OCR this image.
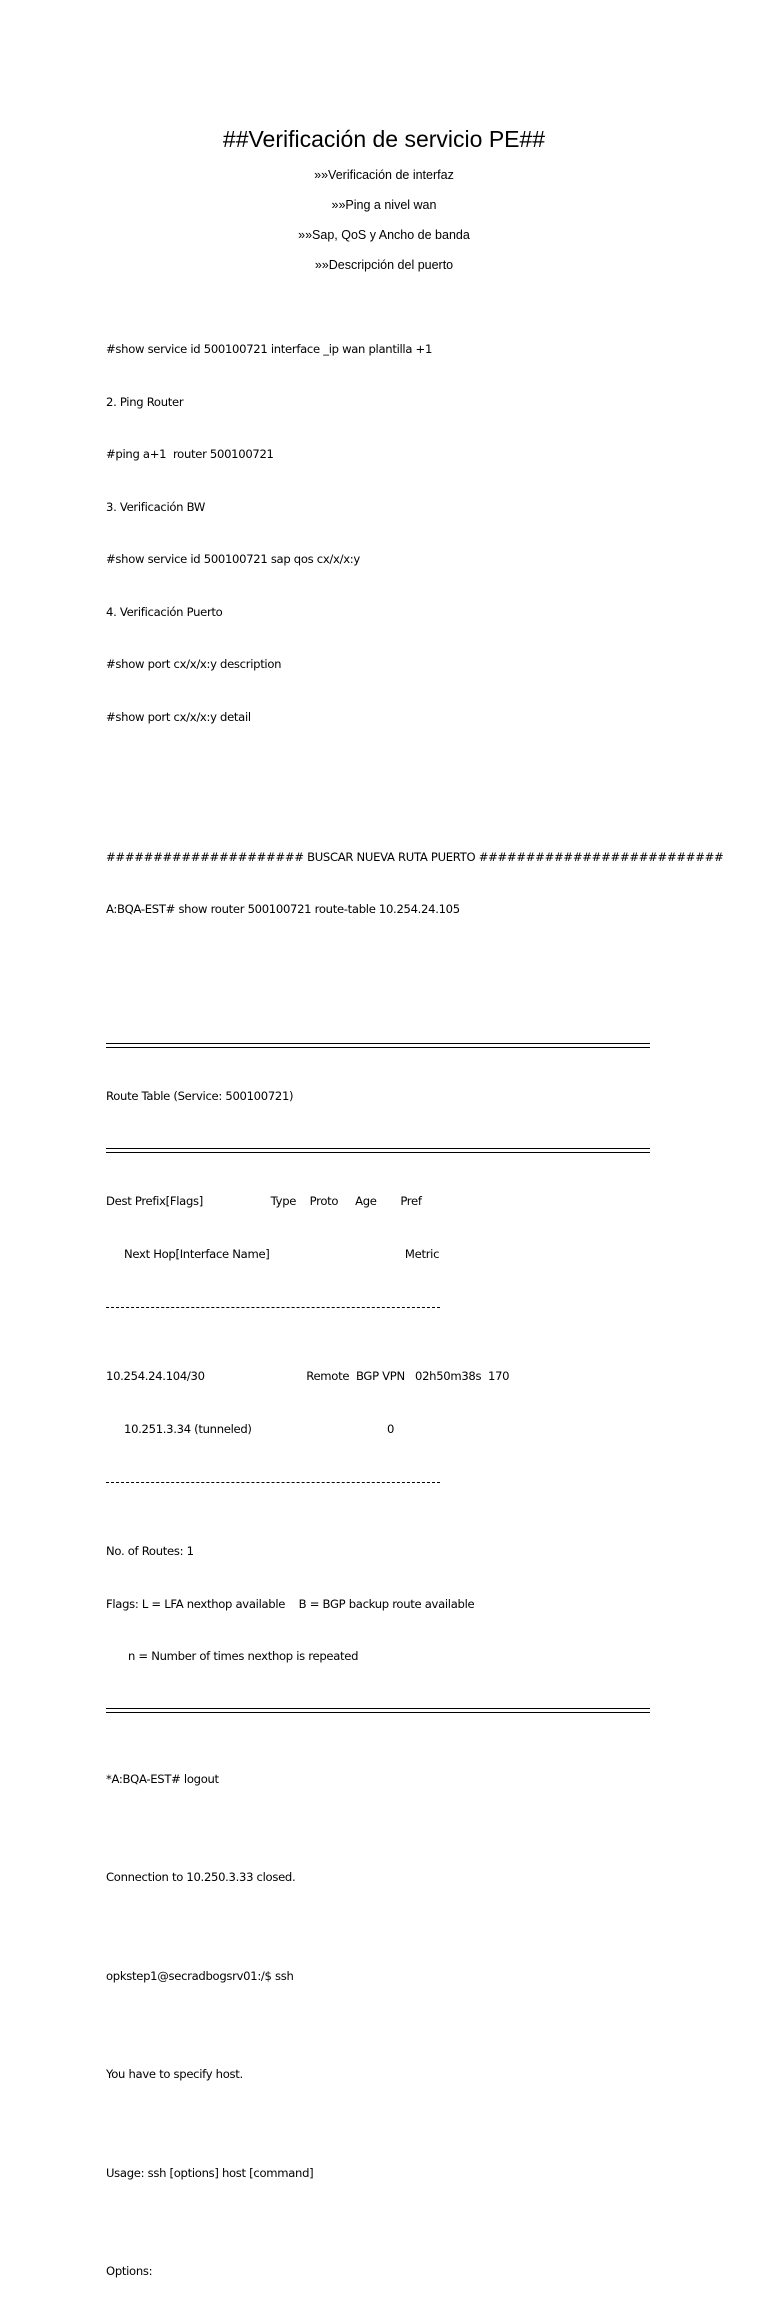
##Verificación de servicio PE##
»»Verificación de interfaz
»»Ping a nivel wan
»»Sap, QoS y Ancho de banda
»»Descripción del puerto

#show service id 500100721 interface _ip wan plantilla +1

2. Ping Router

#ping a+1  router 500100721

3. Verificación BW

#show service id 500100721 sap qos cx/x/x:y

4. Verificación Puerto

#show port cx/x/x:y description

#show port cx/x/x:y detail

##################### BUSCAR NUEVA RUTA PUERTO ##########################

A:BQA-EST# show router 500100721 route-table 10.254.24.105

Route Table (Service: 500100721)

Dest Prefix[Flags]                    Type    Proto     Age       Pref

Next Hop[Interface Name]                                        Metric

10.254.24.104/30                              Remote  BGP VPN   02h50m38s  170

10.251.3.34 (tunneled)                                        0

No. of Routes: 1

Flags: L = LFA nexthop available    B = BGP backup route available

n = Number of times nexthop is repeated

*A:BQA-EST# logout

Connection to 10.250.3.33 closed.

opkstep1@secradbogsrv01:/$ ssh

You have to specify host.

Usage: ssh [options] host [command]

Options:
